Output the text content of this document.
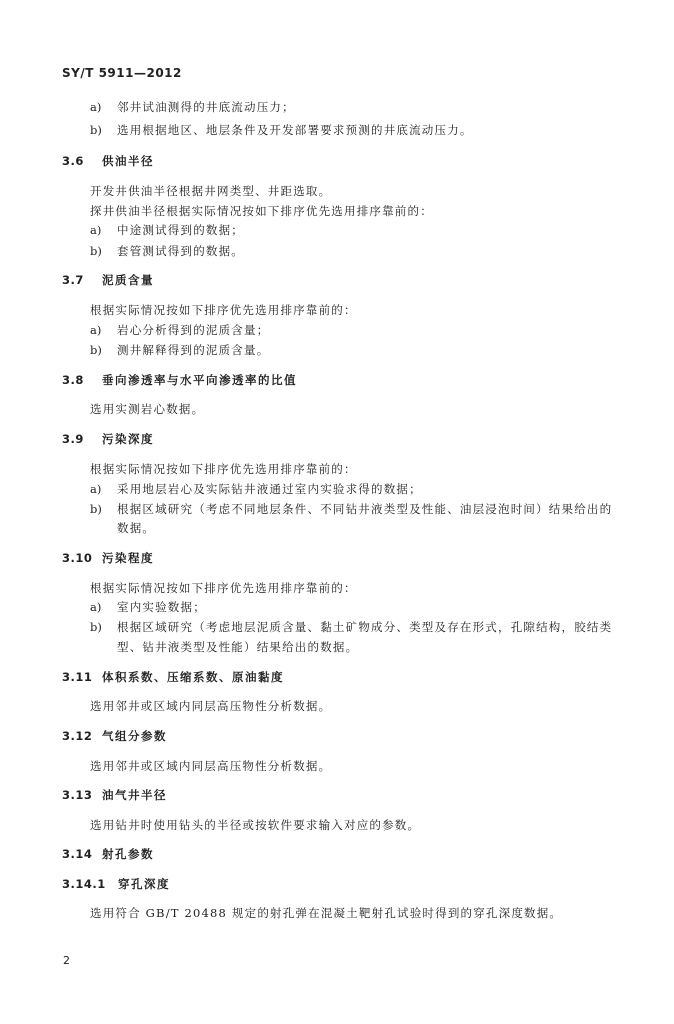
SY/T 5911—2012
a) 邻井试油测得的井底流动压力；
b) 选用根据地区、地层条件及开发部署要求预测的井底流动压力。
3.6 供油半径
开发井供油半径根据井网类型、井距选取。
探井供油半径根据实际情况按如下排序优先选用排序靠前的：
a) 中途测试得到的数据；
b) 套管测试得到的数据。
3.7 泥质含量
根据实际情况按如下排序优先选用排序靠前的：
a) 岩心分析得到的泥质含量；
b) 测井解释得到的泥质含量。
3.8 垂向渗透率与水平向渗透率的比值
选用实测岩心数据。
3.9 污染深度
根据实际情况按如下排序优先选用排序靠前的：
a) 采用地层岩心及实际钻井液通过室内实验求得的数据；
b) 根据区域研究（考虑不同地层条件、不同钻井液类型及性能、油层浸泡时间）结果给出的
数据。
3.10 污染程度
根据实际情况按如下排序优先选用排序靠前的：
a) 室内实验数据；
b) 根据区域研究（考虑地层泥质含量、黏土矿物成分、类型及存在形式，孔隙结构，胶结类
型、钻井液类型及性能）结果给出的数据。
3.11 体积系数、压缩系数、原油黏度
选用邻井或区域内同层高压物性分析数据。
3.12 气组分参数
选用邻井或区域内同层高压物性分析数据。
3.13 油气井半径
选用钻井时使用钻头的半径或按软件要求输入对应的参数。
3.14 射孔参数
3.14.1 穿孔深度
选用符合 GB/T 20488 规定的射孔弹在混凝土靶射孔试验时得到的穿孔深度数据。
2
